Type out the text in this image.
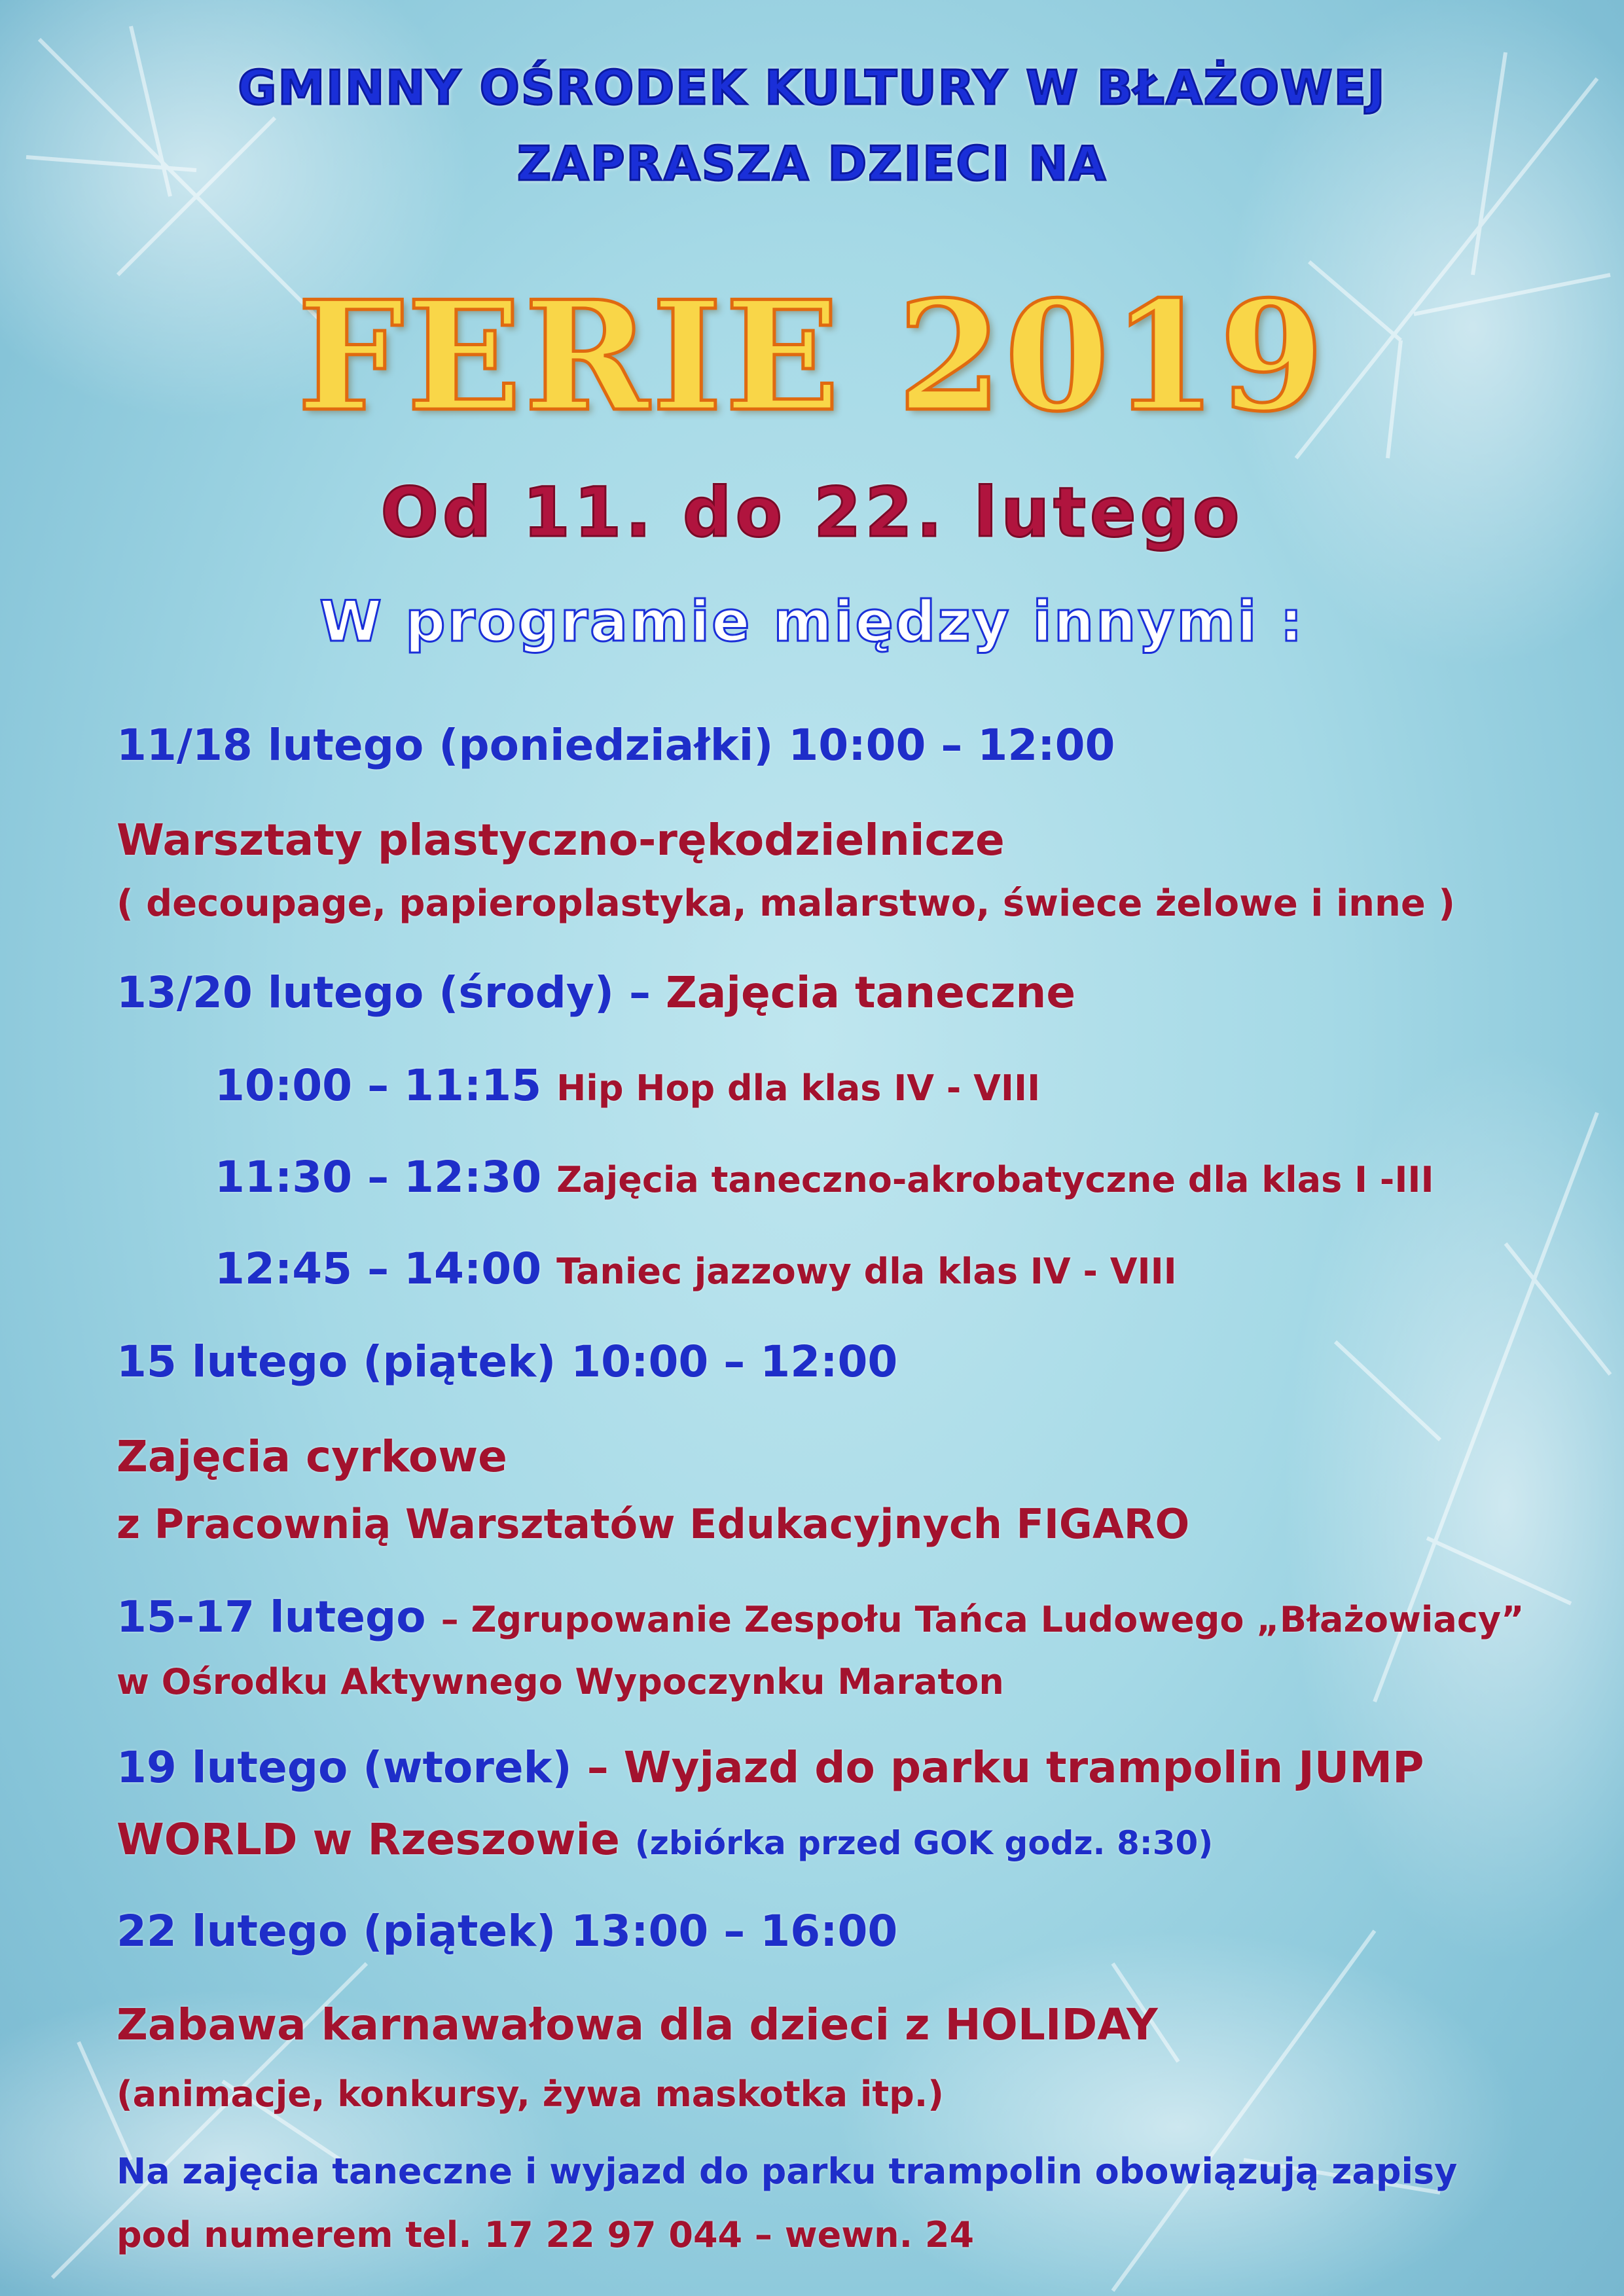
GMINNY OŚRODEK KULTURY W BŁAŻOWEJ
ZAPRASZA DZIECI NA
FERIE 2019
Od 11. do 22. lutego
W programie między innymi :
11/18 lutego (poniedziałki) 10:00 – 12:00
Warsztaty plastyczno-rękodzielnicze
( decoupage, papieroplastyka, malarstwo, świece żelowe i inne )
13/20 lutego (środy) – Zajęcia taneczne
10:00 – 11:15 Hip Hop dla klas IV - VIII
11:30 – 12:30 Zajęcia taneczno-akrobatyczne dla klas I -III
12:45 – 14:00 Taniec jazzowy dla klas IV - VIII
15 lutego (piątek) 10:00 – 12:00
Zajęcia cyrkowe
z Pracownią Warsztatów Edukacyjnych FIGARO
15-17 lutego – Zgrupowanie Zespołu Tańca Ludowego „Błażowiacy”
w Ośrodku Aktywnego Wypoczynku Maraton
19 lutego (wtorek) – Wyjazd do parku trampolin JUMP
WORLD w Rzeszowie (zbiórka przed GOK godz. 8:30)
22 lutego (piątek) 13:00 – 16:00
Zabawa karnawałowa dla dzieci z HOLIDAY
(animacje, konkursy, żywa maskotka itp.)
Na zajęcia taneczne i wyjazd do parku trampolin obowiązują zapisy
pod numerem tel. 17 22 97 044 – wewn. 24
